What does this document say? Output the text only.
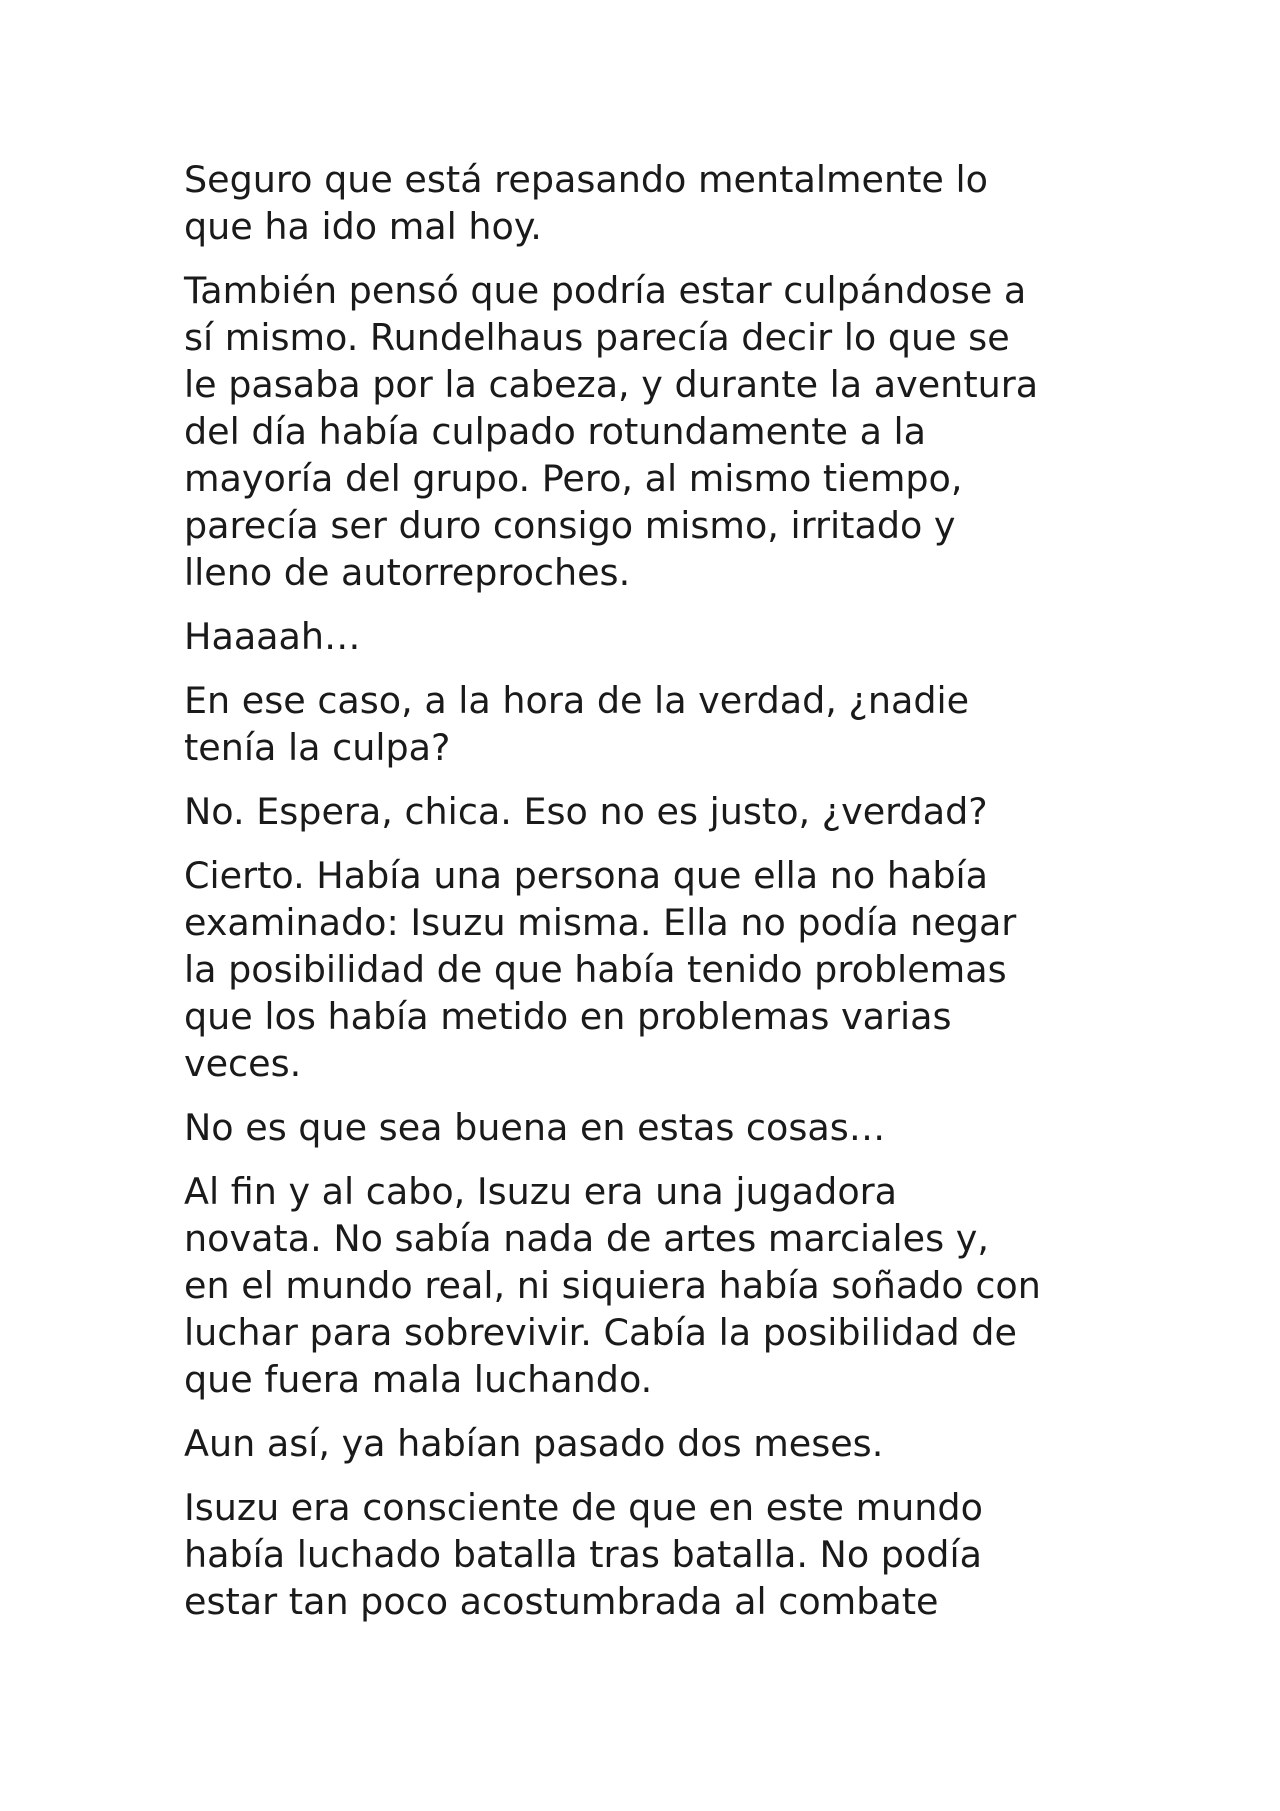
Seguro que está repasando mentalmente lo
que ha ido mal hoy.

También pensó que podría estar culpándose a
sí mismo. Rundelhaus parecía decir lo que se
le pasaba por la cabeza, y durante la aventura
del día había culpado rotundamente a la
mayoría del grupo. Pero, al mismo tiempo,
parecía ser duro consigo mismo, irritado y
lleno de autorreproches.

Haaaah…

En ese caso, a la hora de la verdad, ¿nadie
tenía la culpa?

No. Espera, chica. Eso no es justo, ¿verdad?

Cierto. Había una persona que ella no había
examinado: Isuzu misma. Ella no podía negar
la posibilidad de que había tenido problemas
que los había metido en problemas varias
veces.

No es que sea buena en estas cosas…

Al fin y al cabo, Isuzu era una jugadora
novata. No sabía nada de artes marciales y,
en el mundo real, ni siquiera había soñado con
luchar para sobrevivir. Cabía la posibilidad de
que fuera mala luchando.

Aun así, ya habían pasado dos meses.

Isuzu era consciente de que en este mundo
había luchado batalla tras batalla. No podía
estar tan poco acostumbrada al combate
